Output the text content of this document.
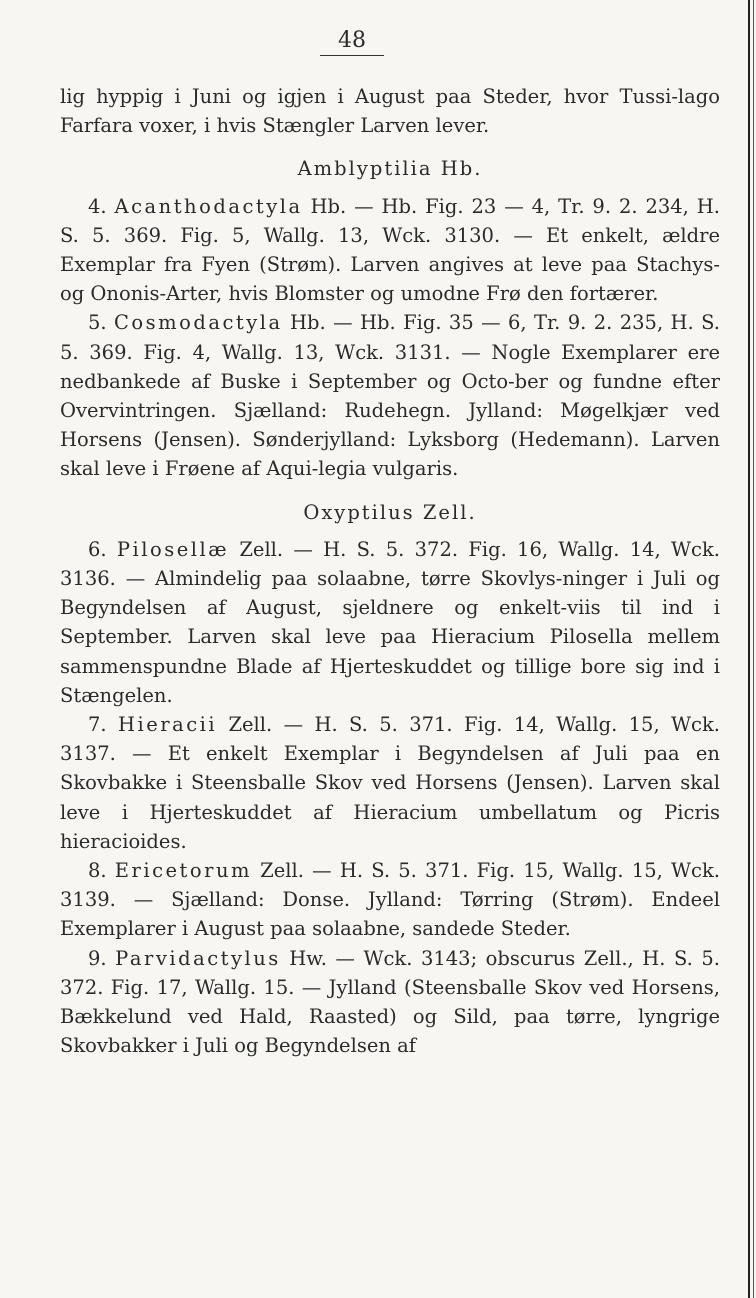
48

lig hyppig i Juni og igjen i August paa Steder, hvor Tussi-lago Farfara voxer, i hvis Stængler Larven lever.

Amblyptilia Hb.

4. Acanthodactyla Hb. — Hb. Fig. 23 — 4, Tr. 9. 2. 234, H. S. 5. 369. Fig. 5, Wallg. 13, Wck. 3130. — Et enkelt, ældre Exemplar fra Fyen (Strøm). Larven angives at leve paa Stachys- og Ononis-Arter, hvis Blomster og umodne Frø den fortærer.

5. Cosmodactyla Hb. — Hb. Fig. 35 — 6, Tr. 9. 2. 235, H. S. 5. 369. Fig. 4, Wallg. 13, Wck. 3131. — Nogle Exemplarer ere nedbankede af Buske i September og Octo-ber og fundne efter Overvintringen. Sjælland: Rudehegn. Jylland: Møgelkjær ved Horsens (Jensen). Sønderjylland: Lyksborg (Hedemann). Larven skal leve i Frøene af Aqui-legia vulgaris.

Oxyptilus Zell.

6. Pilosellæ Zell. — H. S. 5. 372. Fig. 16, Wallg. 14, Wck. 3136. — Almindelig paa solaabne, tørre Skovlys-ninger i Juli og Begyndelsen af August, sjeldnere og enkelt-viis til ind i September. Larven skal leve paa Hieracium Pilosella mellem sammenspundne Blade af Hjerteskuddet og tillige bore sig ind i Stængelen.

7. Hieracii Zell. — H. S. 5. 371. Fig. 14, Wallg. 15, Wck. 3137. — Et enkelt Exemplar i Begyndelsen af Juli paa en Skovbakke i Steensballe Skov ved Horsens (Jensen). Larven skal leve i Hjerteskuddet af Hieracium umbellatum og Picris hieracioides.

8. Ericetorum Zell. — H. S. 5. 371. Fig. 15, Wallg. 15, Wck. 3139. — Sjælland: Donse. Jylland: Tørring (Strøm). Endeel Exemplarer i August paa solaabne, sandede Steder.

9. Parvidactylus Hw. — Wck. 3143; obscurus Zell., H. S. 5. 372. Fig. 17, Wallg. 15. — Jylland (Steensballe Skov ved Horsens, Bækkelund ved Hald, Raasted) og Sild, paa tørre, lyngrige Skovbakker i Juli og Begyndelsen af
